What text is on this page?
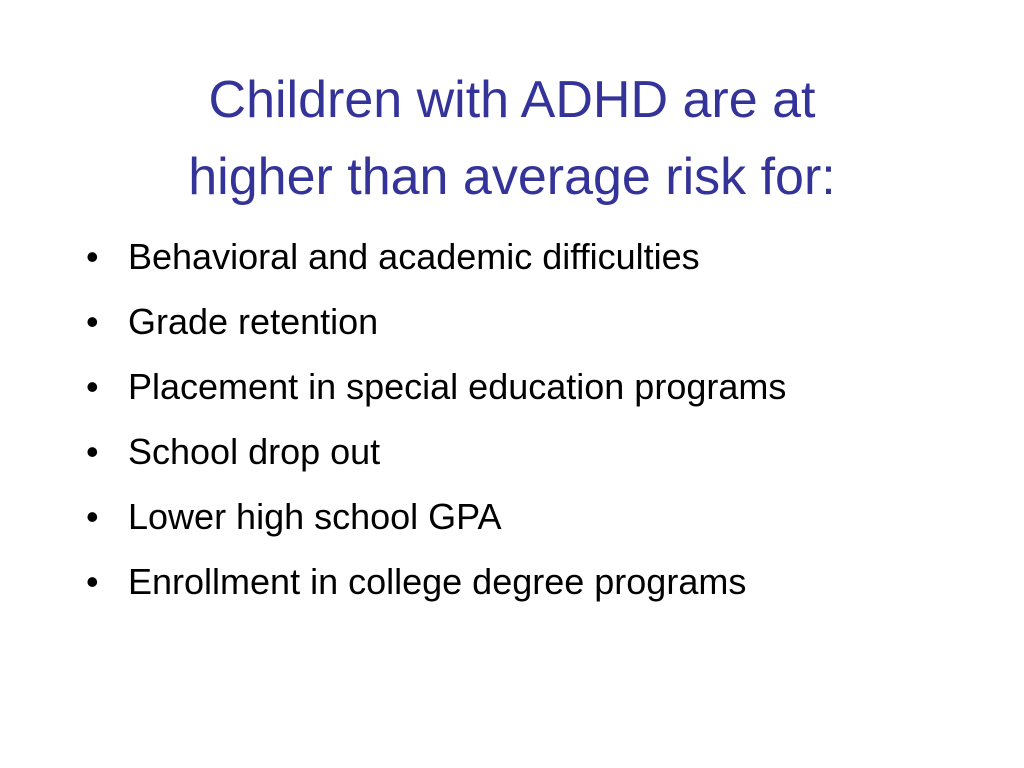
Children with ADHD are at
higher than average risk for:
• Behavioral and academic difficulties
• Grade retention
• Placement in special education programs
• School drop out
• Lower high school GPA
• Enrollment in college degree programs
